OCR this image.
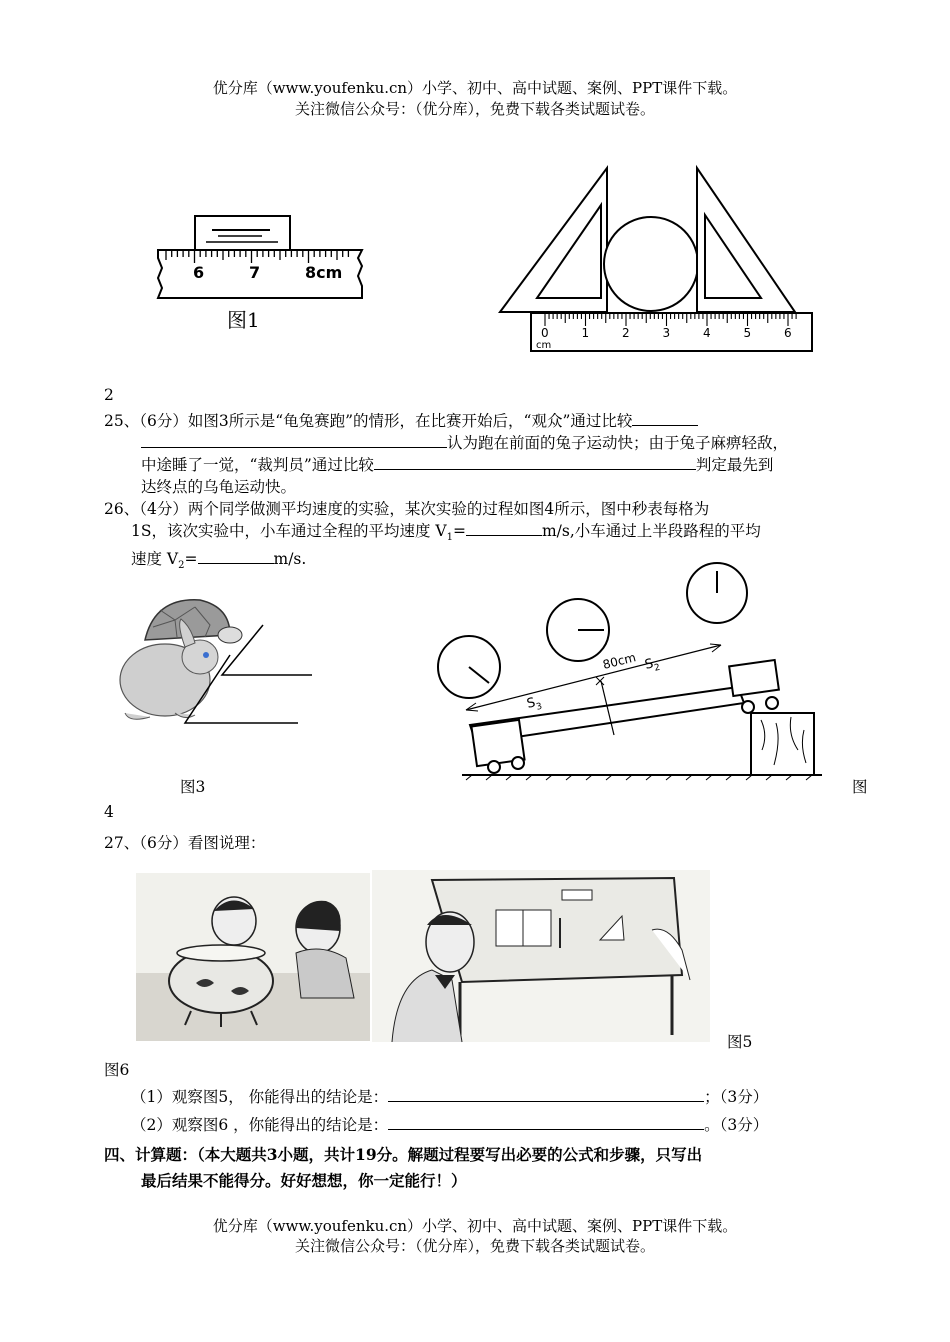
优分库（www.youfenku.cn）小学、初中、高中试题、案例、PPT课件下载。
关注微信公众号：（优分库），免费下载各类试题试卷。
6	7	8cm
图1
0	1	2	3	4	5	6
cm
2
25、（6分）如图3所示是“龟兔赛跑”的情形，在比赛开始后，“观众”通过比较
认为跑在前面的兔子运动快；由于兔子麻痹轻敌，
中途睡了一觉，“裁判员”通过比较	判定最先到
达终点的乌龟运动快。
26、（4分）两个同学做测平均速度的实验，某次实验的过程如图4所示，图中秒表每格为
1S，该次实验中，小车通过全程的平均速度 $V_1=$	m/s,小车通过上半段路程的平均
速度 $V_2=$	m/s.
80cm $S_2$
$S_3$
图3	图
4
27、（6分）看图说理：
图5
图6
（1）观察图5， 你能得出的结论是：	；（3分）
（2）观察图6 ，你能得出的结论是：	。（3分）
四、计算题：（本大题共3小题，共计19分。解题过程要写出必要的公式和步骤，只写出
最后结果不能得分。好好想想，你一定能行！）
优分库（www.youfenku.cn）小学、初中、高中试题、案例、PPT课件下载。
关注微信公众号：（优分库），免费下载各类试题试卷。
